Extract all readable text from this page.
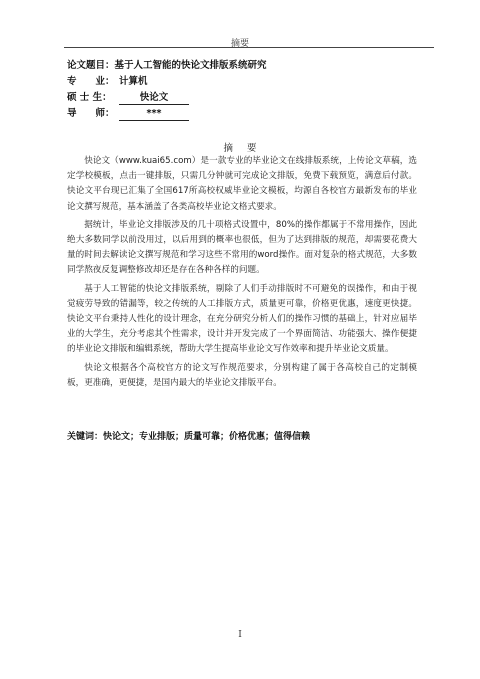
摘要
论文题目：基于人工智能的快论文排版系统研究
专　　业： 计算机
硕 士 生：	快论文
导　　师：	***
摘要

快论文（www.kuai65.com）是一款专业的毕业论文在线排版系统，上传论文草稿，选定学校模板，点击一键排版，只需几分钟就可完成论文排版，免费下载预览，满意后付款。快论文平台现已汇集了全国617所高校权威毕业论文模板，均源自各校官方最新发布的毕业论文撰写规范，基本涵盖了各类高校毕业论文格式要求。

据统计，毕业论文排版涉及的几十项格式设置中，80%的操作都属于不常用操作，因此绝大多数同学以前没用过，以后用到的概率也很低，但为了达到排版的规范，却需要花费大量的时间去解读论文撰写规范和学习这些不常用的word操作。面对复杂的格式规范，大多数同学熬夜反复调整修改却还是存在各种各样的问题。

基于人工智能的快论文排版系统，剔除了人们手动排版时不可避免的误操作，和由于视觉疲劳导致的错漏等，较之传统的人工排版方式，质量更可靠，价格更优惠，速度更快捷。快论文平台秉持人性化的设计理念，在充分研究分析人们的操作习惯的基础上，针对应届毕业的大学生，充分考虑其个性需求，设计并开发完成了一个界面简洁、功能强大、操作便捷的毕业论文排版和编辑系统，帮助大学生提高毕业论文写作效率和提升毕业论文质量。

快论文根据各个高校官方的论文写作规范要求，分别构建了属于各高校自己的定制模板，更准确，更便捷，是国内最大的毕业论文排版平台。

关键词：快论文；专业排版；质量可靠；价格优惠；值得信赖
I
